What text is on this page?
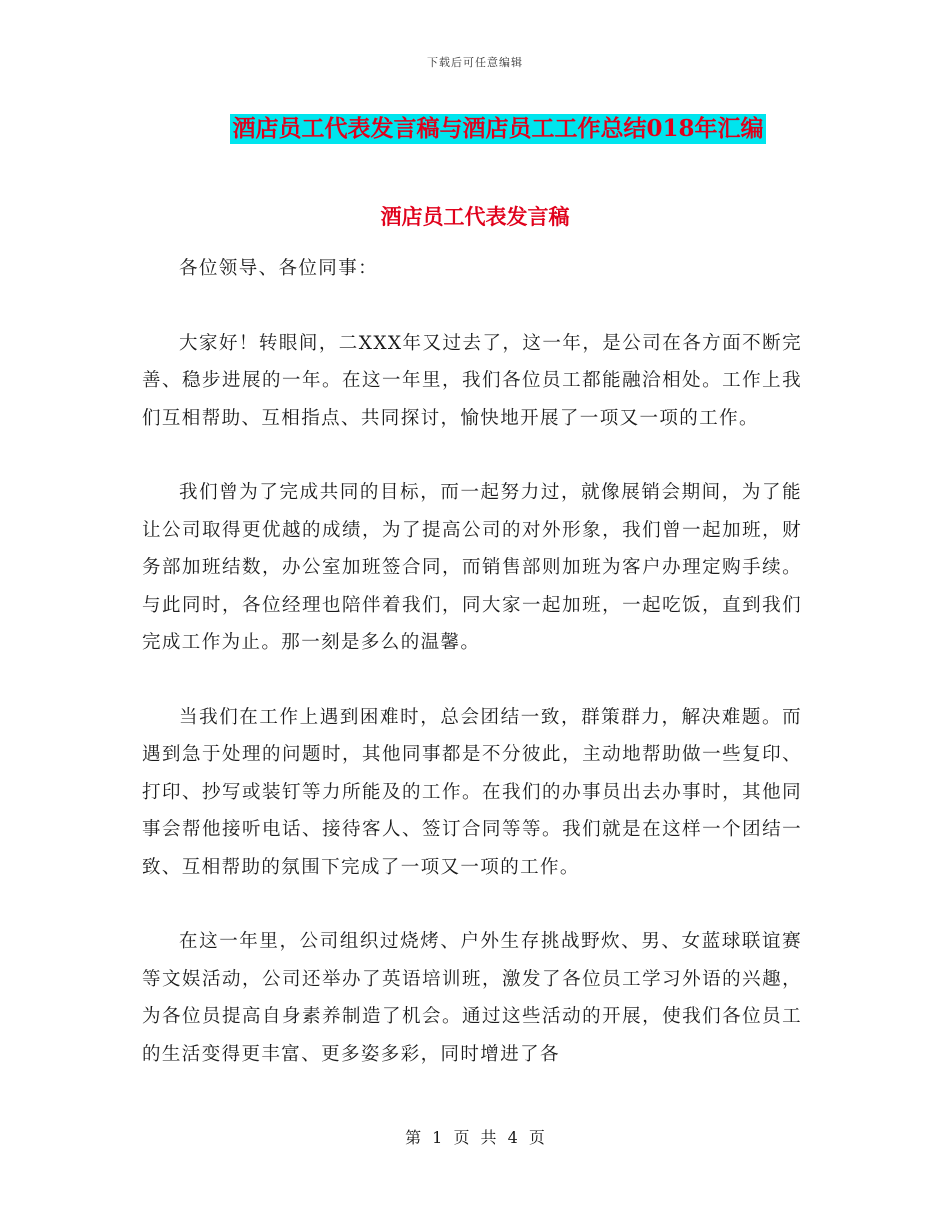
下载后可任意编辑
酒店员工代表发言稿与酒店员工工作总结018年汇编
酒店员工代表发言稿

各位领导、各位同事：

大家好！转眼间，二XXX年又过去了，这一年，是公司在各方面不断完善、稳步进展的一年。在这一年里，我们各位员工都能融洽相处。工作上我们互相帮助、互相指点、共同探讨，愉快地开展了一项又一项的工作。

我们曾为了完成共同的目标，而一起努力过，就像展销会期间，为了能让公司取得更优越的成绩，为了提高公司的对外形象，我们曾一起加班，财务部加班结数，办公室加班签合同，而销售部则加班为客户办理定购手续。与此同时，各位经理也陪伴着我们，同大家一起加班，一起吃饭，直到我们完成工作为止。那一刻是多么的温馨。

当我们在工作上遇到困难时，总会团结一致，群策群力，解决难题。而遇到急于处理的问题时，其他同事都是不分彼此，主动地帮助做一些复印、打印、抄写或装钉等力所能及的工作。在我们的办事员出去办事时，其他同事会帮他接听电话、接待客人、签订合同等等。我们就是在这样一个团结一致、互相帮助的氛围下完成了一项又一项的工作。

在这一年里，公司组织过烧烤、户外生存挑战野炊、男、女蓝球联谊赛等文娱活动，公司还举办了英语培训班，激发了各位员工学习外语的兴趣，为各位员提高自身素养制造了机会。通过这些活动的开展，使我们各位员工的生活变得更丰富、更多姿多彩，同时增进了各

第 1 页 共 4 页
